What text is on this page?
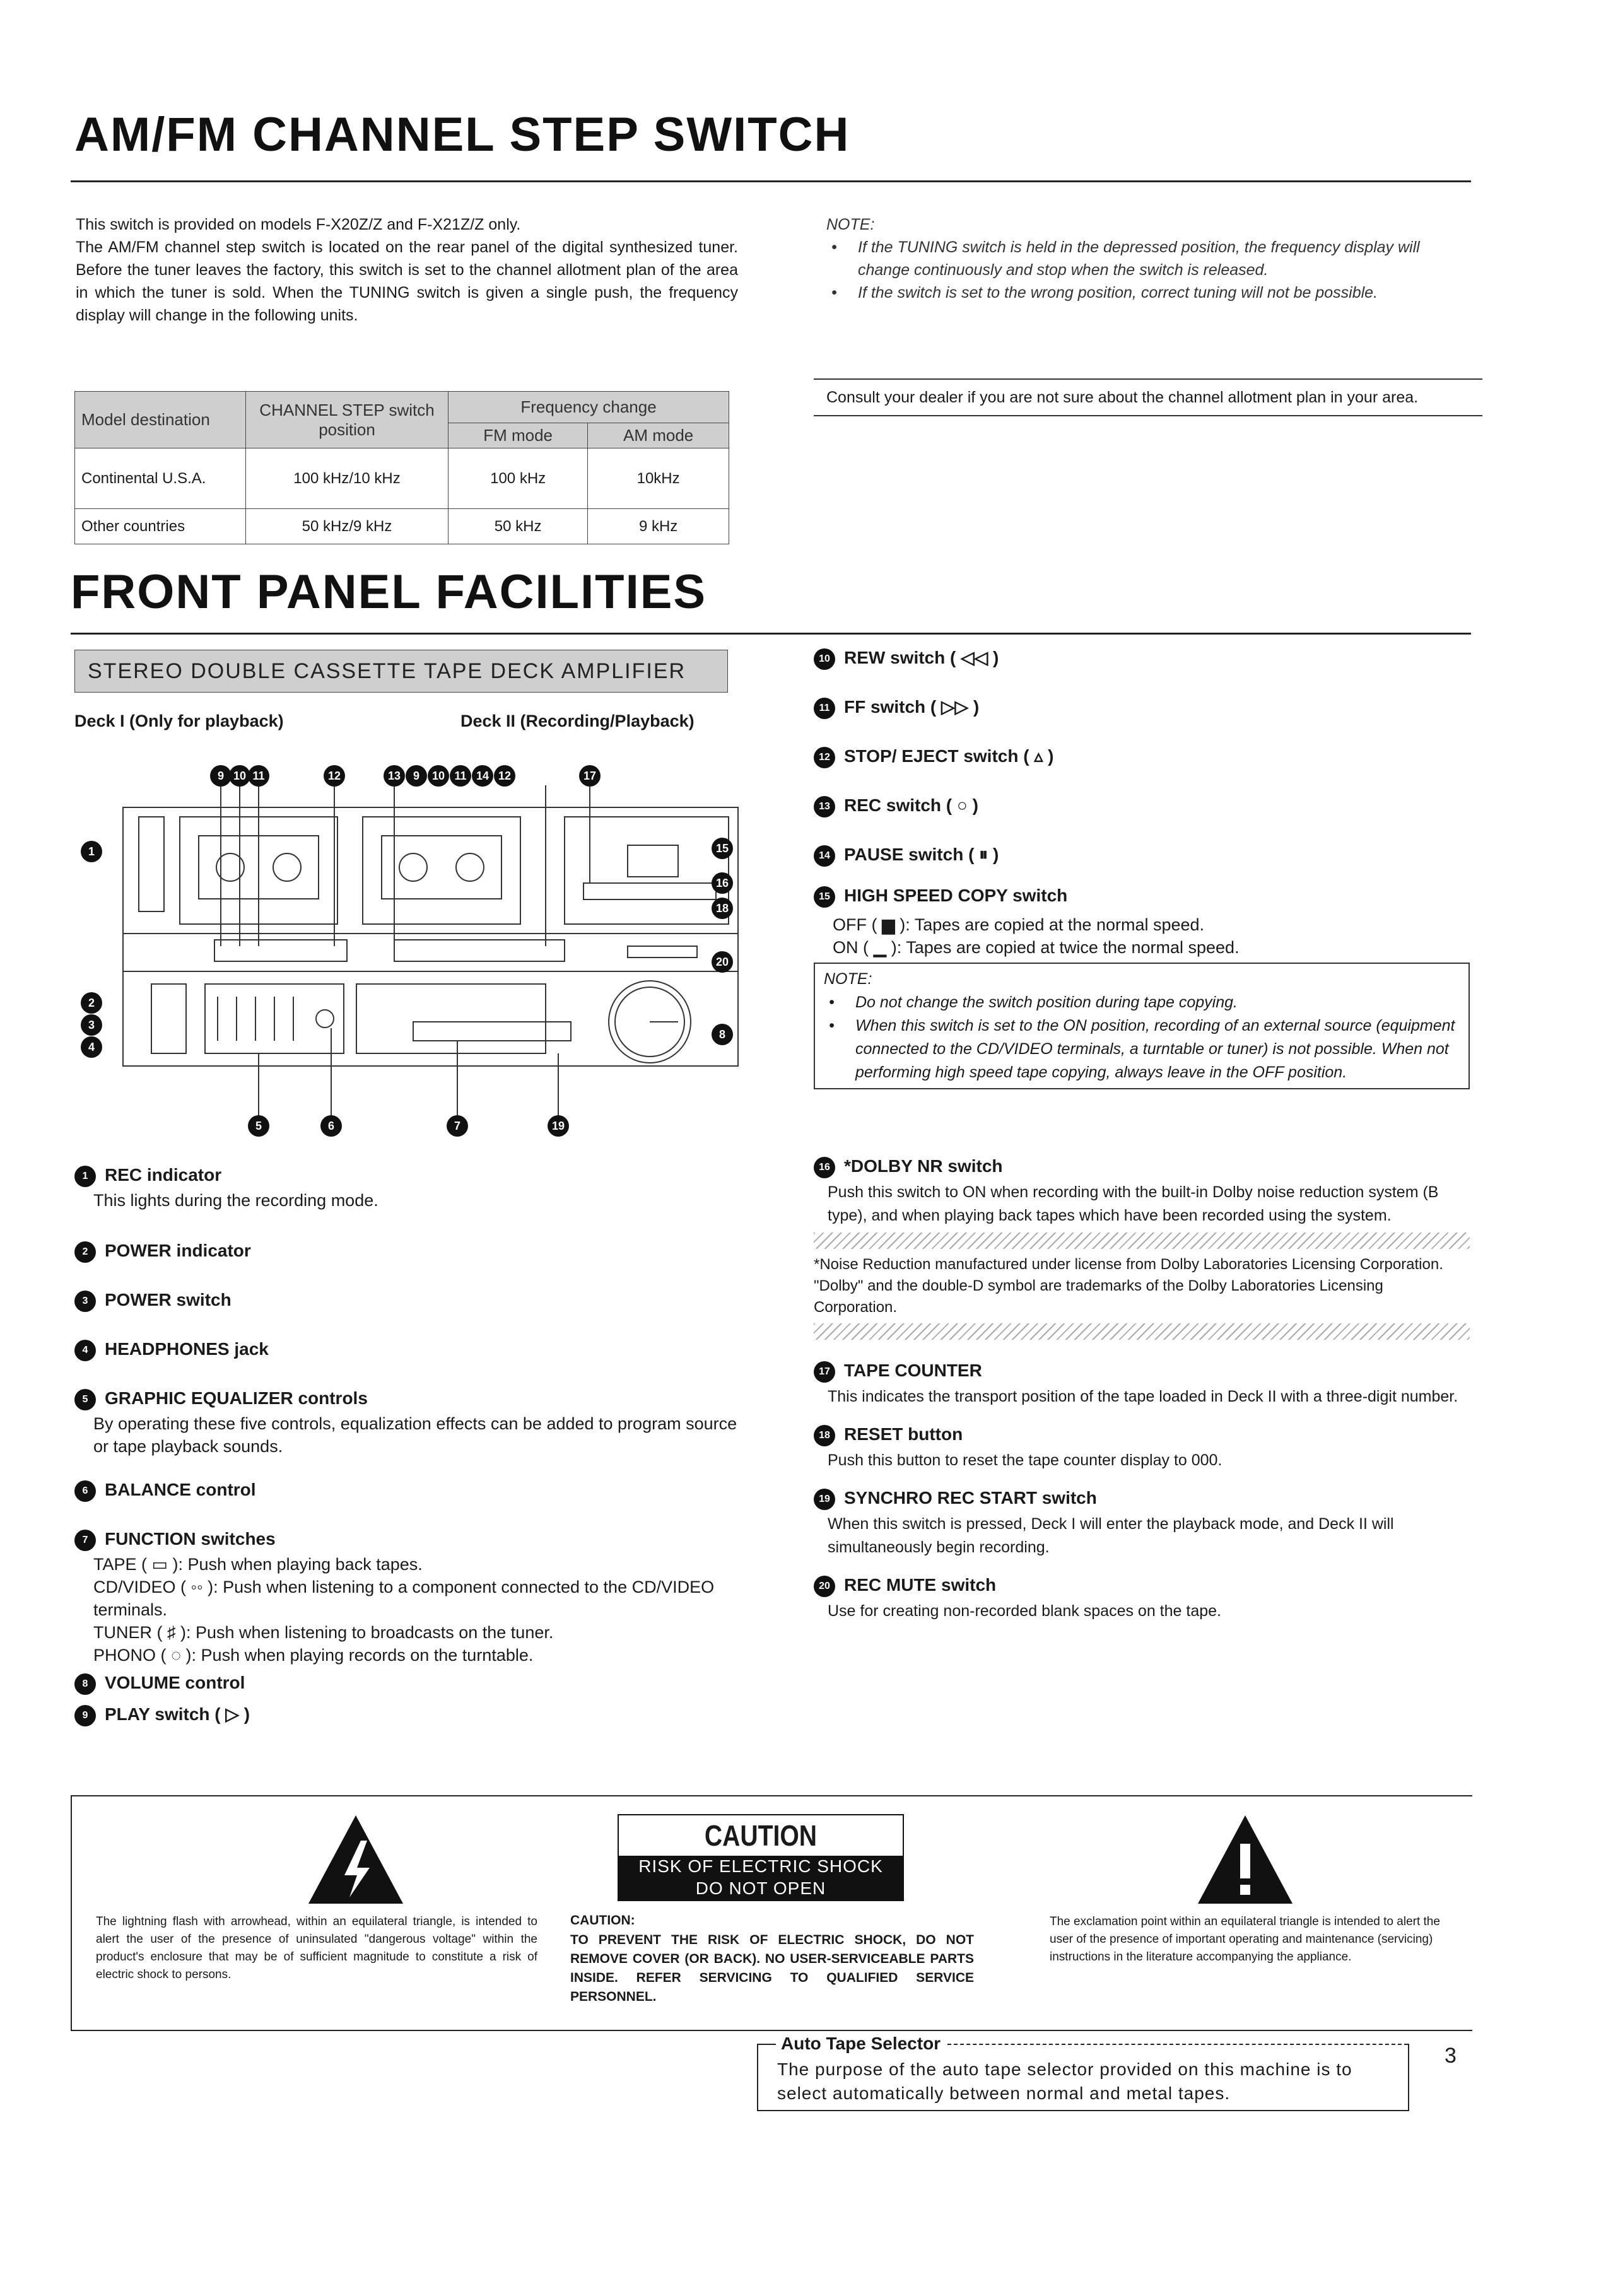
AM/FM CHANNEL STEP SWITCH
This switch is provided on models F-X20Z/Z and F-X21Z/Z only.
The AM/FM channel step switch is located on the rear panel of the digital synthesized tuner. Before the tuner leaves the factory, this switch is set to the channel allotment plan of the area in which the tuner is sold. When the TUNING switch is given a single push, the frequency display will change in the following units.
NOTE:
• If the TUNING switch is held in the depressed position, the frequency display will change continuously and stop when the switch is released.
• If the switch is set to the wrong position, correct tuning will not be possible.
Consult your dealer if you are not sure about the channel allotment plan in your area.
Model destination	CHANNEL STEP switch position	Frequency change	
		FM mode	AM mode
Continental U.S.A.	100 kHz/10 kHz	100 kHz	10kHz
Other countries	50 kHz/9 kHz	50 kHz	9 kHz
FRONT PANEL FACILITIES
STEREO DOUBLE CASSETTE TAPE DECK AMPLIFIER
Deck I (Only for playback)	Deck II (Recording/Playback)
9 10 11	12	13 9 10 11 14 12	17
1
2
3
4
15
16
18
20
8
5	6	7	19
1 REC indicator
This lights during the recording mode.
2 POWER indicator
3 POWER switch
4 HEADPHONES jack
5 GRAPHIC EQUALIZER controls
By operating these five controls, equalization effects can be added to program source or tape playback sounds.
6 BALANCE control
7 FUNCTION switches
TAPE ( ▭ ): Push when playing back tapes.
CD/VIDEO ( ◦◦ ): Push when listening to a component connected to the CD/VIDEO terminals.
TUNER ( ♯ ): Push when listening to broadcasts on the tuner.
PHONO ( ◌ ): Push when playing records on the turntable.
8 VOLUME control
9 PLAY switch ( ▷ )
10 REW switch ( ◁◁ )
11 FF switch ( ▷▷ )
12 STOP/ EJECT switch ( ▵ )
13 REC switch ( ○ )
14 PAUSE switch ( ⏸ )
15 HIGH SPEED COPY switch
OFF ( ▆ ): Tapes are copied at the normal speed.
ON ( ▁ ): Tapes are copied at twice the normal speed.
NOTE:
• Do not change the switch position during tape copying.
• When this switch is set to the ON position, recording of an external source (equipment connected to the CD/VIDEO terminals, a turntable or tuner) is not possible. When not performing high speed tape copying, always leave in the OFF position.
16 *DOLBY NR switch
Push this switch to ON when recording with the built-in Dolby noise reduction system (B type), and when playing back tapes which have been recorded using the system.
*Noise Reduction manufactured under license from Dolby Laboratories Licensing Corporation.
"Dolby" and the double-D symbol are trademarks of the Dolby Laboratories Licensing Corporation.
17 TAPE COUNTER
This indicates the transport position of the tape loaded in Deck II with a three-digit number.
18 RESET button
Push this button to reset the tape counter display to 000.
19 SYNCHRO REC START switch
When this switch is pressed, Deck I will enter the playback mode, and Deck II will simultaneously begin recording.
20 REC MUTE switch
Use for creating non-recorded blank spaces on the tape.
The lightning flash with arrowhead, within an equilateral triangle, is intended to alert the user of the presence of uninsulated "dangerous voltage" within the product's enclosure that may be of sufficient magnitude to constitute a risk of electric shock to persons.
CAUTION
RISK OF ELECTRIC SHOCK
DO NOT OPEN
CAUTION:
TO PREVENT THE RISK OF ELECTRIC SHOCK, DO NOT REMOVE COVER (OR BACK). NO USER-SERVICEABLE PARTS INSIDE. REFER SERVICING TO QUALIFIED SERVICE PERSONNEL.
The exclamation point within an equilateral triangle is intended to alert the user of the presence of important operating and maintenance (servicing) instructions in the literature accompanying the appliance.
Auto Tape Selector
The purpose of the auto tape selector provided on this machine is to select automatically between normal and metal tapes.
3
